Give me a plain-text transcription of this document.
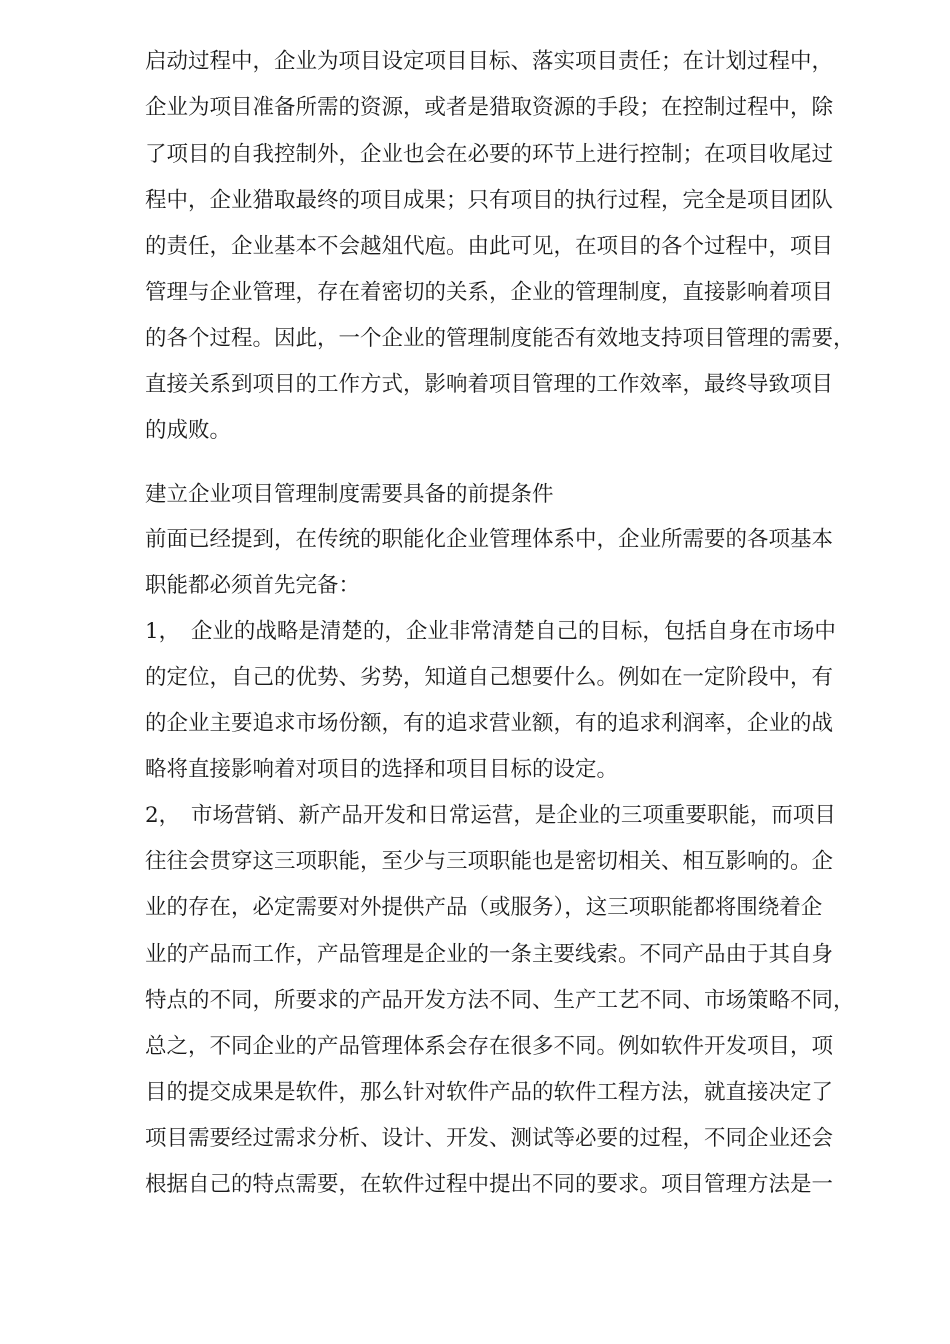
启动过程中，企业为项目设定项目目标、落实项目责任；在计划过程中，
企业为项目准备所需的资源，或者是猎取资源的手段；在控制过程中，除
了项目的自我控制外，企业也会在必要的环节上进行控制；在项目收尾过
程中，企业猎取最终的项目成果；只有项目的执行过程，完全是项目团队
的责任，企业基本不会越俎代庖。由此可见，在项目的各个过程中，项目
管理与企业管理，存在着密切的关系，企业的管理制度，直接影响着项目
的各个过程。因此，一个企业的管理制度能否有效地支持项目管理的需要，
直接关系到项目的工作方式，影响着项目管理的工作效率，最终导致项目
的成败。
建立企业项目管理制度需要具备的前提条件
前面已经提到，在传统的职能化企业管理体系中，企业所需要的各项基本
职能都必须首先完备：
1，　企业的战略是清楚的，企业非常清楚自己的目标，包括自身在市场中
的定位，自己的优势、劣势，知道自己想要什么。例如在一定阶段中，有
的企业主要追求市场份额，有的追求营业额，有的追求利润率，企业的战
略将直接影响着对项目的选择和项目目标的设定。
2，　市场营销、新产品开发和日常运营，是企业的三项重要职能，而项目
往往会贯穿这三项职能，至少与三项职能也是密切相关、相互影响的。企
业的存在，必定需要对外提供产品（或服务），这三项职能都将围绕着企
业的产品而工作，产品管理是企业的一条主要线索。不同产品由于其自身
特点的不同，所要求的产品开发方法不同、生产工艺不同、市场策略不同，
总之，不同企业的产品管理体系会存在很多不同。例如软件开发项目，项
目的提交成果是软件，那么针对软件产品的软件工程方法，就直接决定了
项目需要经过需求分析、设计、开发、测试等必要的过程，不同企业还会
根据自己的特点需要，在软件过程中提出不同的要求。项目管理方法是一
